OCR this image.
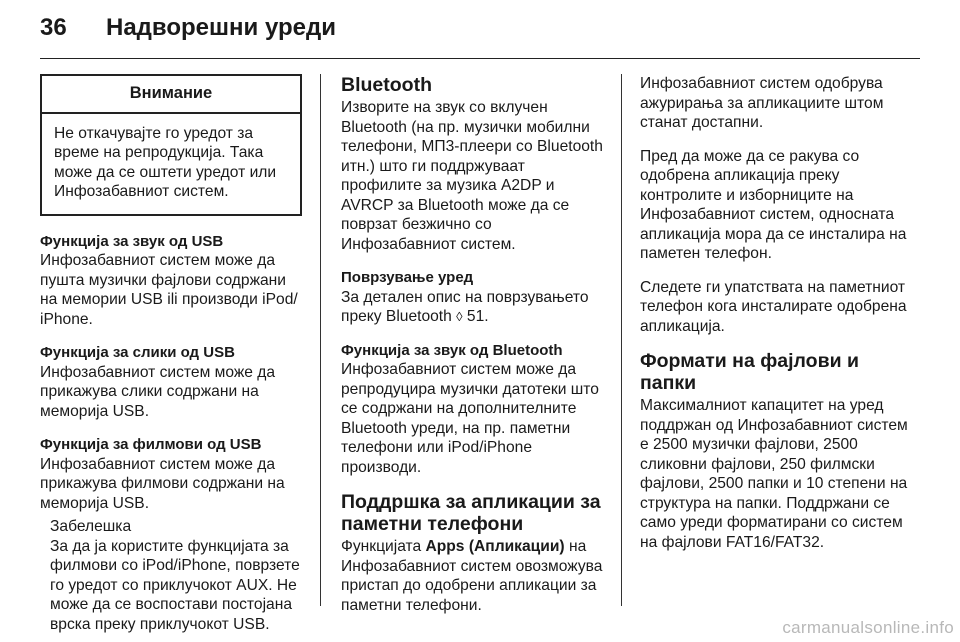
36	Надворешни уреди
Внимание
Не откачувајте го уредот за време на репродукција. Така може да се оштети уредот или Инфозабавниот систем.

Функција за звук од USB
Инфозабавниот систем може да пушта музички фајлови содржани на мемории USB ili производи iPod/ iPhone.

Функција за слики од USB
Инфозабавниот систем може да прикажува слики содржани на меморија USB.

Функција за филмови од USB
Инфозабавниот систем може да прикажува филмови содржани на меморија USB.

Забелешка
За да ја користите функцијата за филмови со iPod/iPhone, поврзете го уредот со приклучокот AUX. Не може да се воспостави постојана врска преку приклучокот USB.

Bluetooth
Изворите на звук со вклучен Bluetooth (на пр. музички мобилни телефони, МП3-плеери со Bluetooth итн.) што ги поддржуваат профилите за музика A2DP и AVRCP за Bluetooth може да се поврзат безжично со Инфозабавниот систем.

Поврзување уред
За детален опис на поврзувањето преку Bluetooth ◊ 51.

Функција за звук од Bluetooth
Инфозабавниот систем може да репродуцира музички датотеки што се содржани на дополнителните Bluetooth уреди, на пр. паметни телефони или iPod/iPhone производи.

Поддршка за апликации за паметни телефони
Функцијата Apps (Апликации) на Инфозабавниот систем овозможува пристап до одобрени апликации за паметни телефони.

Инфозабавниот систем одобрува ажурирања за апликациите штом станат достапни.

Пред да може да се ракува со одобрена апликација преку контролите и изборниците на Инфозабавниот систем, односната апликација мора да се инсталира на паметен телефон.

Следете ги упатствата на паметниот телефон кога инсталирате одобрена апликација.

Формати на фајлови и папки
Максималниот капацитет на уред поддржан од Инфозабавниот систем е 2500 музички фајлови, 2500 сликовни фајлови, 250 филмски фајлови, 2500 папки и 10 степени на структура на папки. Поддржани се само уреди форматирани со систем на фајлови FAT16/FAT32.

carmanualsonline.info
